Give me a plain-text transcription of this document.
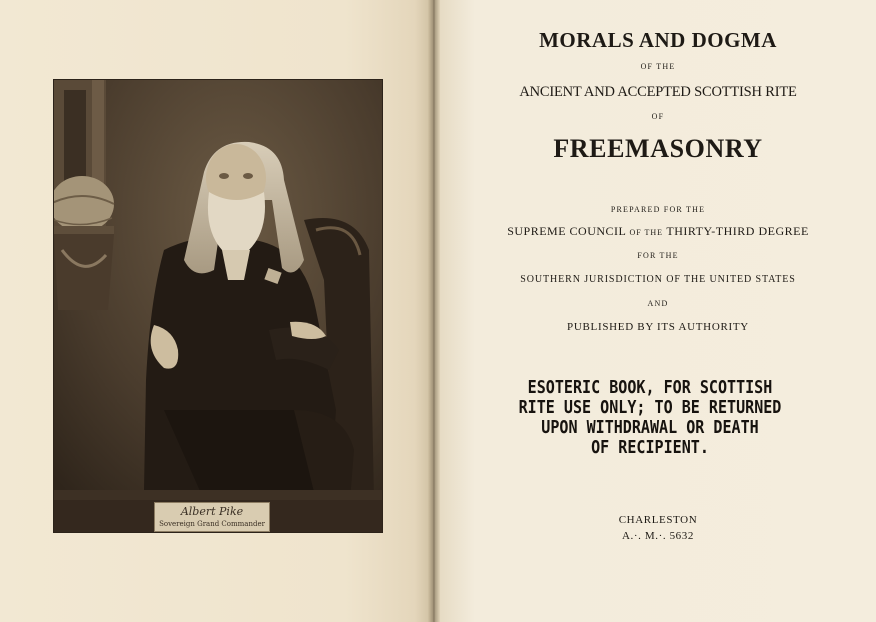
Albert Pike
Sovereign Grand Commander

MORALS AND DOGMA

OF THE

ANCIENT AND ACCEPTED SCOTTISH RITE

OF

FREEMASONRY

PREPARED FOR THE

SUPREME COUNCIL OF THE THIRTY-THIRD DEGREE

FOR THE

SOUTHERN JURISDICTION OF THE UNITED STATES

AND

PUBLISHED BY ITS AUTHORITY

ESOTERIC BOOK, FOR SCOTTISH
RITE USE ONLY; TO BE RETURNED
UPON WITHDRAWAL OR DEATH
OF RECIPIENT.

CHARLESTON

A.·. M.·. 5632
